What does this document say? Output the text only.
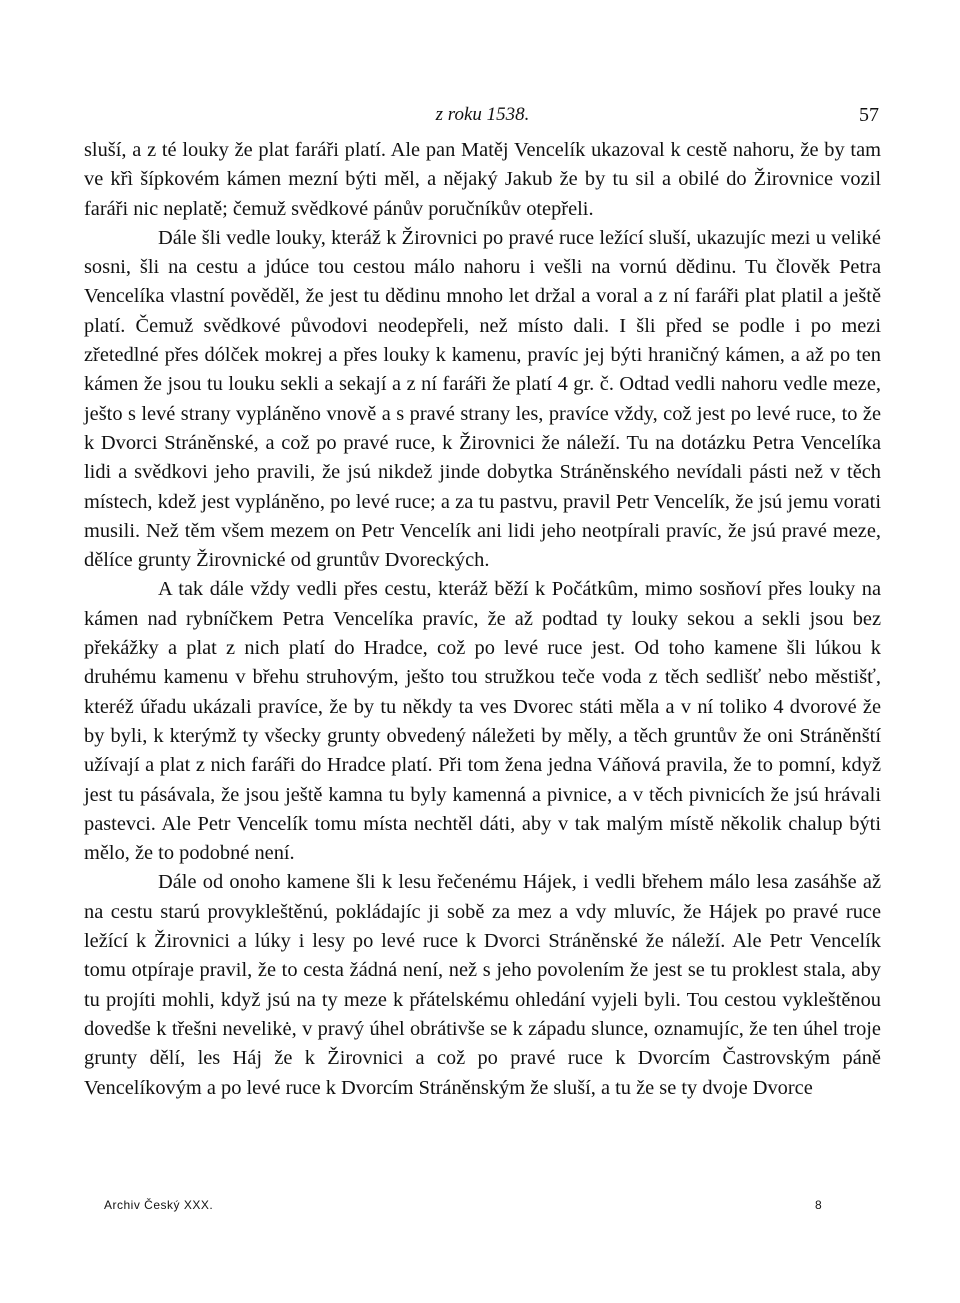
z roku 1538.	57

sluší, a z té louky že plat faráři platí. Ale pan Matěj Vencelík ukazoval k cestě nahoru, že by tam ve křì šípkovém kámen mezní býti měl, a nějaký Jakub že by tu sil a obilé do Žirovnice vozil faráři nic neplatě; čemuž svědkové pánův poručníkův otepřeli.

Dále šli vedle louky, kteráž k Žirovnici po pravé ruce ležící sluší, ukazujíc mezi u veliké sosni, šli na cestu a jdúce tou cestou málo nahoru i vešli na vornú dědinu. Tu člověk Petra Vencelíka vlastní pověděl, že jest tu dědinu mnoho let držal a voral a z ní faráři plat platil a ještě platí. Čemuž svědkové původovi neodepřeli, než místo dali. I šli před se podle i po mezi zřetedlné přes dólček mokrej a přes louky k kamenu, pravíc jej býti hraničný kámen, a až po ten kámen že jsou tu louku sekli a sekají a z ní faráři že platí 4 gr. č. Odtad vedli nahoru vedle meze, ješto s levé strany vypláněno vnově a s pravé strany les, pravíce vždy, což jest po levé ruce, to že k Dvorci Stráněnské, a což po pravé ruce, k Žirovnici že náleží. Tu na dotázku Petra Vencelíka lidi a svědkovi jeho pravili, že jsú nikdež jinde dobytka Stráněnského nevídali pásti než v těch místech, kdež jest vypláněno, po levé ruce; a za tu pastvu, pravil Petr Vencelík, že jsú jemu vorati musili. Než těm všem mezem on Petr Vencelík ani lidi jeho neotpírali pravíc, že jsú pravé meze, dělíce grunty Žirovnické od gruntův Dvoreckých.

A tak dále vždy vedli přes cestu, kteráž běží k Počátkûm, mimo sosňoví přes louky na kámen nad rybníčkem Petra Vencelíka pravíc, že až podtad ty louky sekou a sekli jsou bez překážky a plat z nich platí do Hradce, což po levé ruce jest. Od toho kamene šli lúkou k druhému kamenu v břehu struhovým, ješto tou stružkou teče voda z těch sedlišť nebo městišť, kteréž úřadu ukázali pravíce, že by tu někdy ta ves Dvorec státi měla a v ní toliko 4 dvorové že by byli, k kterýmž ty všecky grunty obvedený náležeti by měly, a těch gruntův že oni Stráněnští užívají a plat z nich faráři do Hradce platí. Při tom žena jedna Váňová pravila, že to pomní, když jest tu pásávala, že jsou ještě kamna tu byly kamenná a pivnice, a v těch pivnicích že jsú hrávali pastevci. Ale Petr Vencelík tomu místa nechtěl dáti, aby v tak malým místě několik chalup býti mělo, že to podobné není.

Dále od onoho kamene šli k lesu řečenému Hájek, i vedli břehem málo lesa zasáhše až na cestu starú provykleštěnú, pokládajíc ji sobě za mez a vdy mluvíc, že Hájek po pravé ruce ležící k Žirovnici a lúky i lesy po levé ruce k Dvorci Stráněnské že náleží. Ale Petr Vencelík tomu otpíraje pravil, že to cesta žádná není, než s jeho povolením že jest se tu proklest stala, aby tu projíti mohli, když jsú na ty meze k přátelskému ohledání vyjeli byli. Tou cestou vykleštěnou dovedše k třešni nevelikė, v pravý úhel obrátivše se k západu slunce, oznamujíc, že ten úhel troje grunty dělí, les Háj že k Žirovnici a což po pravé ruce k Dvorcím Častrovským páně Vencelíkovým a po levé ruce k Dvorcím Stráněnským že sluší, a tu že se ty dvoje Dvorce

Archiv Český XXX.	8
